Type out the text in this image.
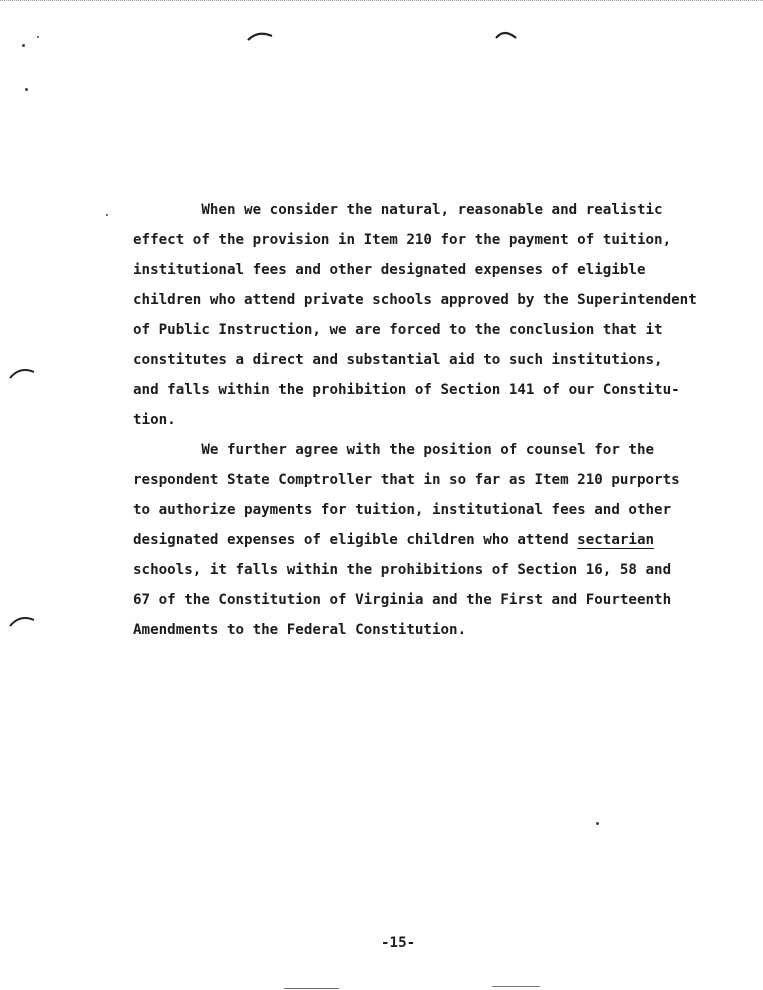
When we consider the natural, reasonable and realistic
effect of the provision in Item 210 for the payment of tuition,
institutional fees and other designated expenses of eligible
children who attend private schools approved by the Superintendent
of Public Instruction, we are forced to the conclusion that it
constitutes a direct and substantial aid to such institutions,
and falls within the prohibition of Section 141 of our Constitu-
tion.
We further agree with the position of counsel for the
respondent State Comptroller that in so far as Item 210 purports
to authorize payments for tuition, institutional fees and other
designated expenses of eligible children who attend sectarian
schools, it falls within the prohibitions of Section 16, 58 and
67 of the Constitution of Virginia and the First and Fourteenth
Amendments to the Federal Constitution.
-15-
